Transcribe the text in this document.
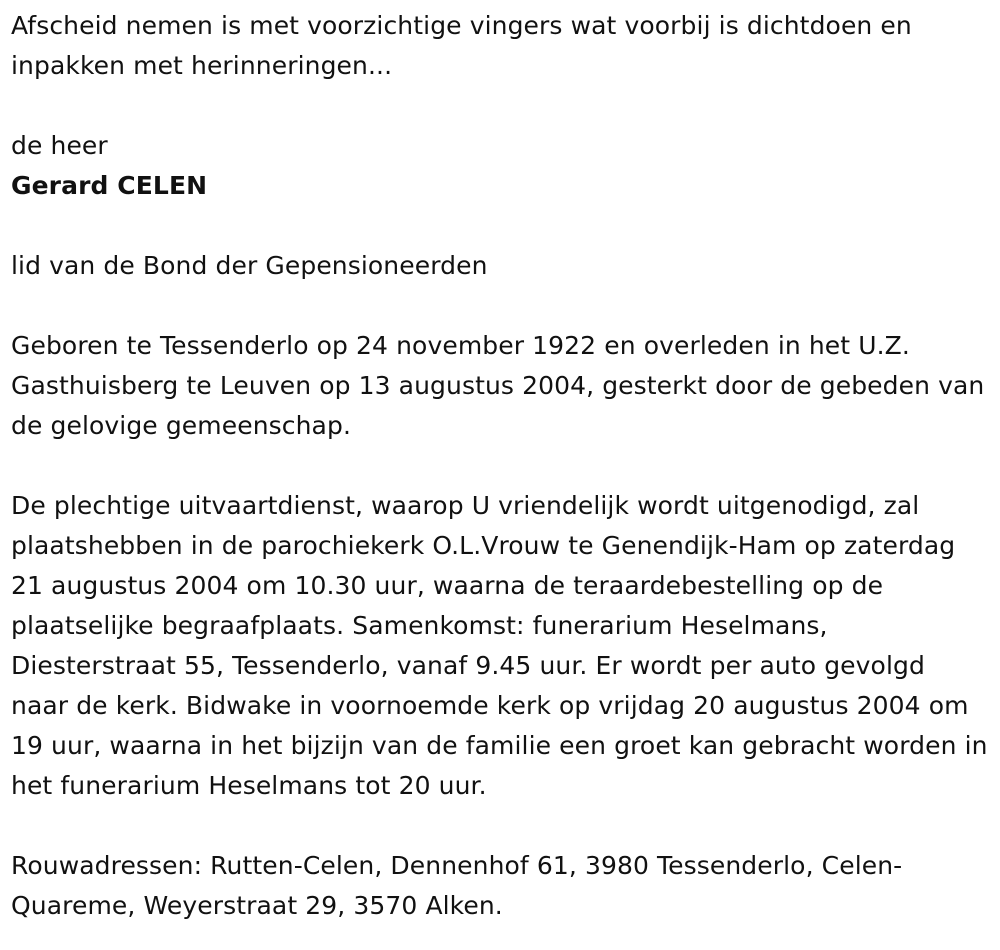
Afscheid nemen is met voorzichtige vingers wat voorbij is dichtdoen en inpakken met herinneringen...

de heer

Gerard CELEN

lid van de Bond der Gepensioneerden

Geboren te Tessenderlo op 24 november 1922 en overleden in het U.Z. Gasthuisberg te Leuven op 13 augustus 2004, gesterkt door de gebeden van de gelovige gemeenschap.

De plechtige uitvaartdienst, waarop U vriendelijk wordt uitgenodigd, zal plaatshebben in de parochiekerk O.L.Vrouw te Genendijk-Ham op zaterdag 21 augustus 2004 om 10.30 uur, waarna de teraardebestelling op de plaatselijke begraafplaats. Samenkomst: funerarium Heselmans, Diesterstraat 55, Tessenderlo, vanaf 9.45 uur. Er wordt per auto gevolgd naar de kerk. Bidwake in voornoemde kerk op vrijdag 20 augustus 2004 om 19 uur, waarna in het bijzijn van de familie een groet kan gebracht worden in het funerarium Heselmans tot 20 uur.

Rouwadressen: Rutten-Celen, Dennenhof 61, 3980 Tessenderlo, Celen-Quareme, Weyerstraat 29, 3570 Alken.
